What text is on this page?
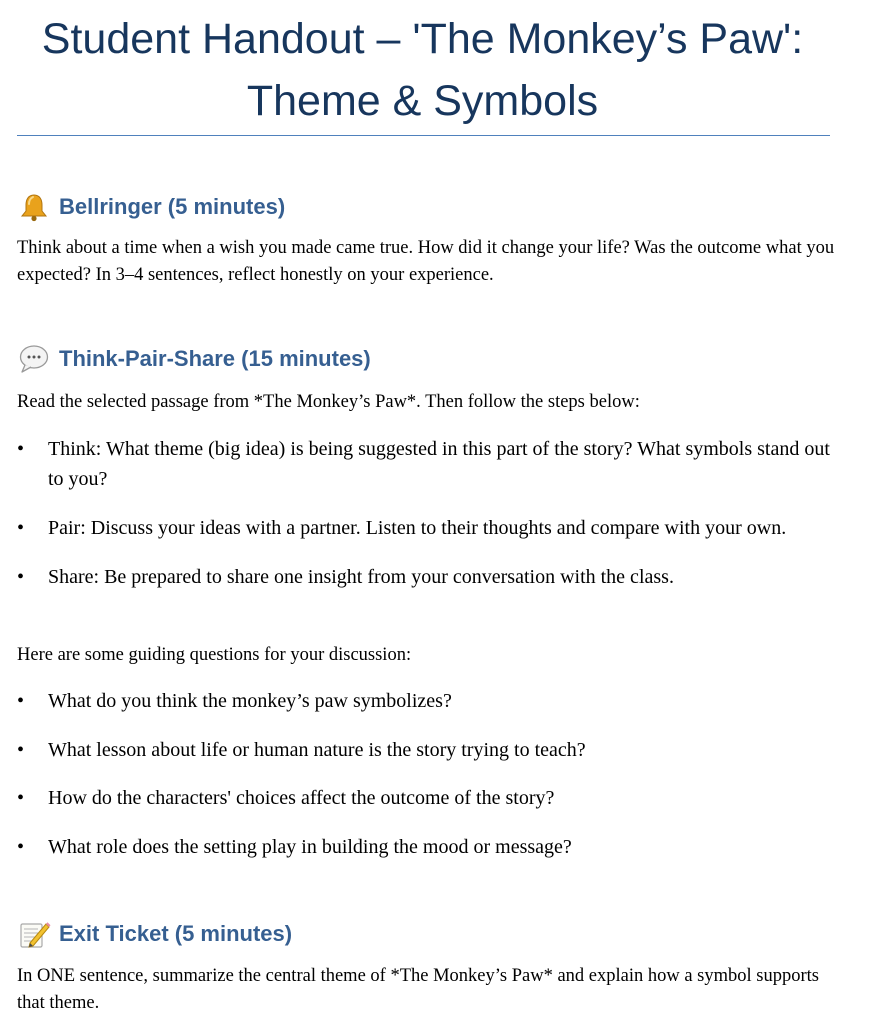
Student Handout – 'The Monkey’s Paw':
Theme & Symbols
Bellringer (5 minutes)

Think about a time when a wish you made came true. How did it change your life? Was the outcome what you expected? In 3–4 sentences, reflect honestly on your experience.

Think-Pair-Share (15 minutes)

Read the selected passage from *The Monkey’s Paw*. Then follow the steps below:

• Think: What theme (big idea) is being suggested in this part of the story? What symbols stand out to you?
• Pair: Discuss your ideas with a partner. Listen to their thoughts and compare with your own.
• Share: Be prepared to share one insight from your conversation with the class.

Here are some guiding questions for your discussion:

• What do you think the monkey’s paw symbolizes?
• What lesson about life or human nature is the story trying to teach?
• How do the characters' choices affect the outcome of the story?
• What role does the setting play in building the mood or message?
Exit Ticket (5 minutes)

In ONE sentence, summarize the central theme of *The Monkey’s Paw* and explain how a symbol supports that theme.
